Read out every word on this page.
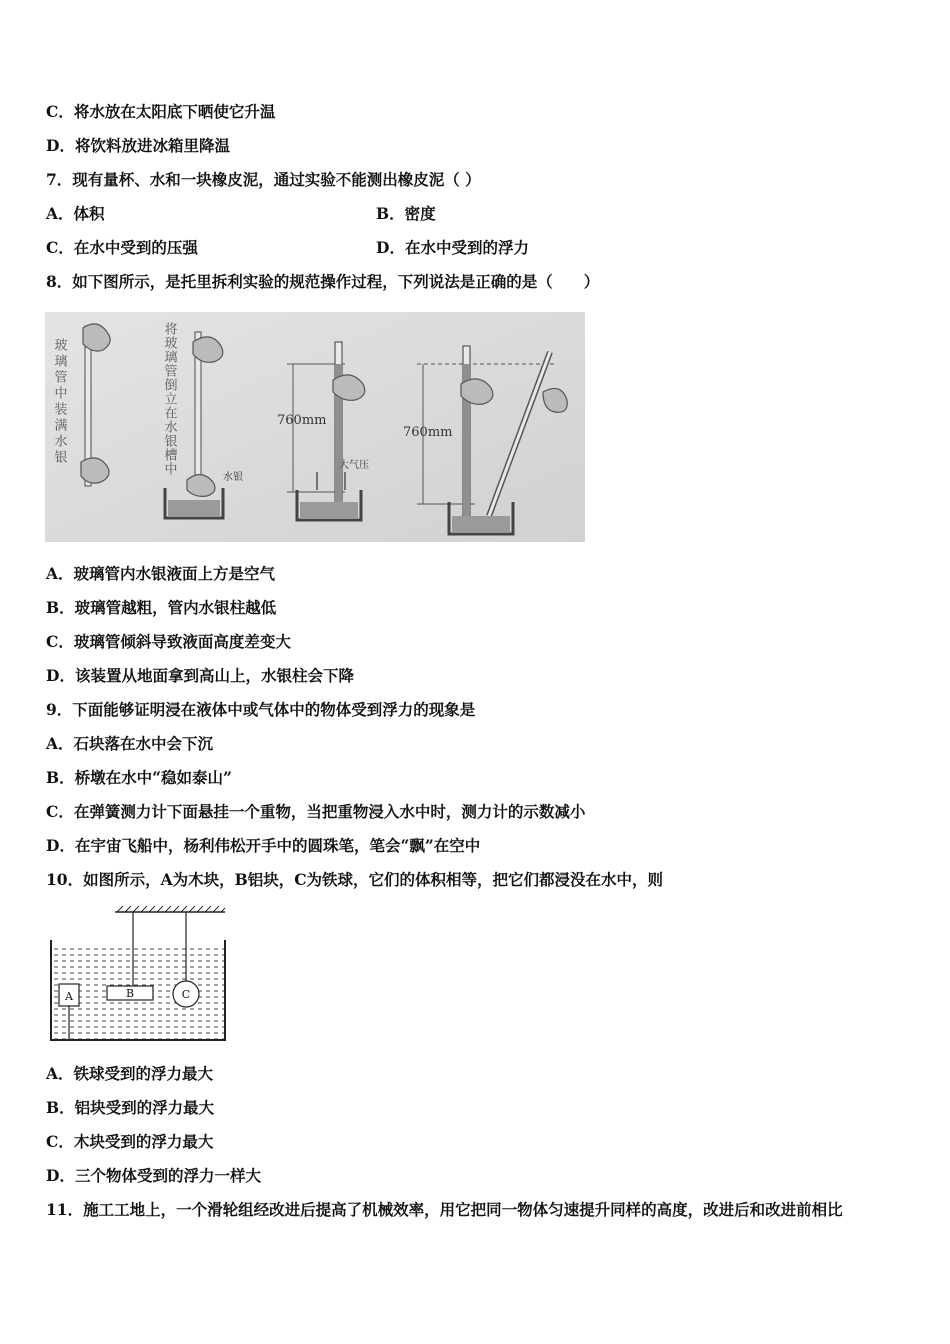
C．将水放在太阳底下晒使它升温
D．将饮料放进冰箱里降温
7．现有量杯、水和一块橡皮泥，通过实验不能测出橡皮泥（ ）
A．体积	B．密度
C．在水中受到的压强	D．在水中受到的浮力
8．如下图所示，是托里拆利实验的规范操作过程，下列说法是正确的是（　　）
玻璃管中装满水银	将玻璃管倒立在水银槽中
水银
760mm
大气压
760mm
A．玻璃管内水银液面上方是空气
B．玻璃管越粗，管内水银柱越低
C．玻璃管倾斜导致液面高度差变大
D．该装置从地面拿到高山上，水银柱会下降
9．下面能够证明浸在液体中或气体中的物体受到浮力的现象是
A．石块落在水中会下沉
B．桥墩在水中“稳如泰山”
C．在弹簧测力计下面悬挂一个重物，当把重物浸入水中时，测力计的示数减小
D．在宇宙飞船中，杨利伟松开手中的圆珠笔，笔会“飘”在空中
10．如图所示，A为木块，B铝块，C为铁球，它们的体积相等，把它们都浸没在水中，则
A	B	C
A．铁球受到的浮力最大
B．铝块受到的浮力最大
C．木块受到的浮力最大
D．三个物体受到的浮力一样大
11．施工工地上，一个滑轮组经改进后提高了机械效率，用它把同一物体匀速提升同样的高度，改进后和改进前相比
